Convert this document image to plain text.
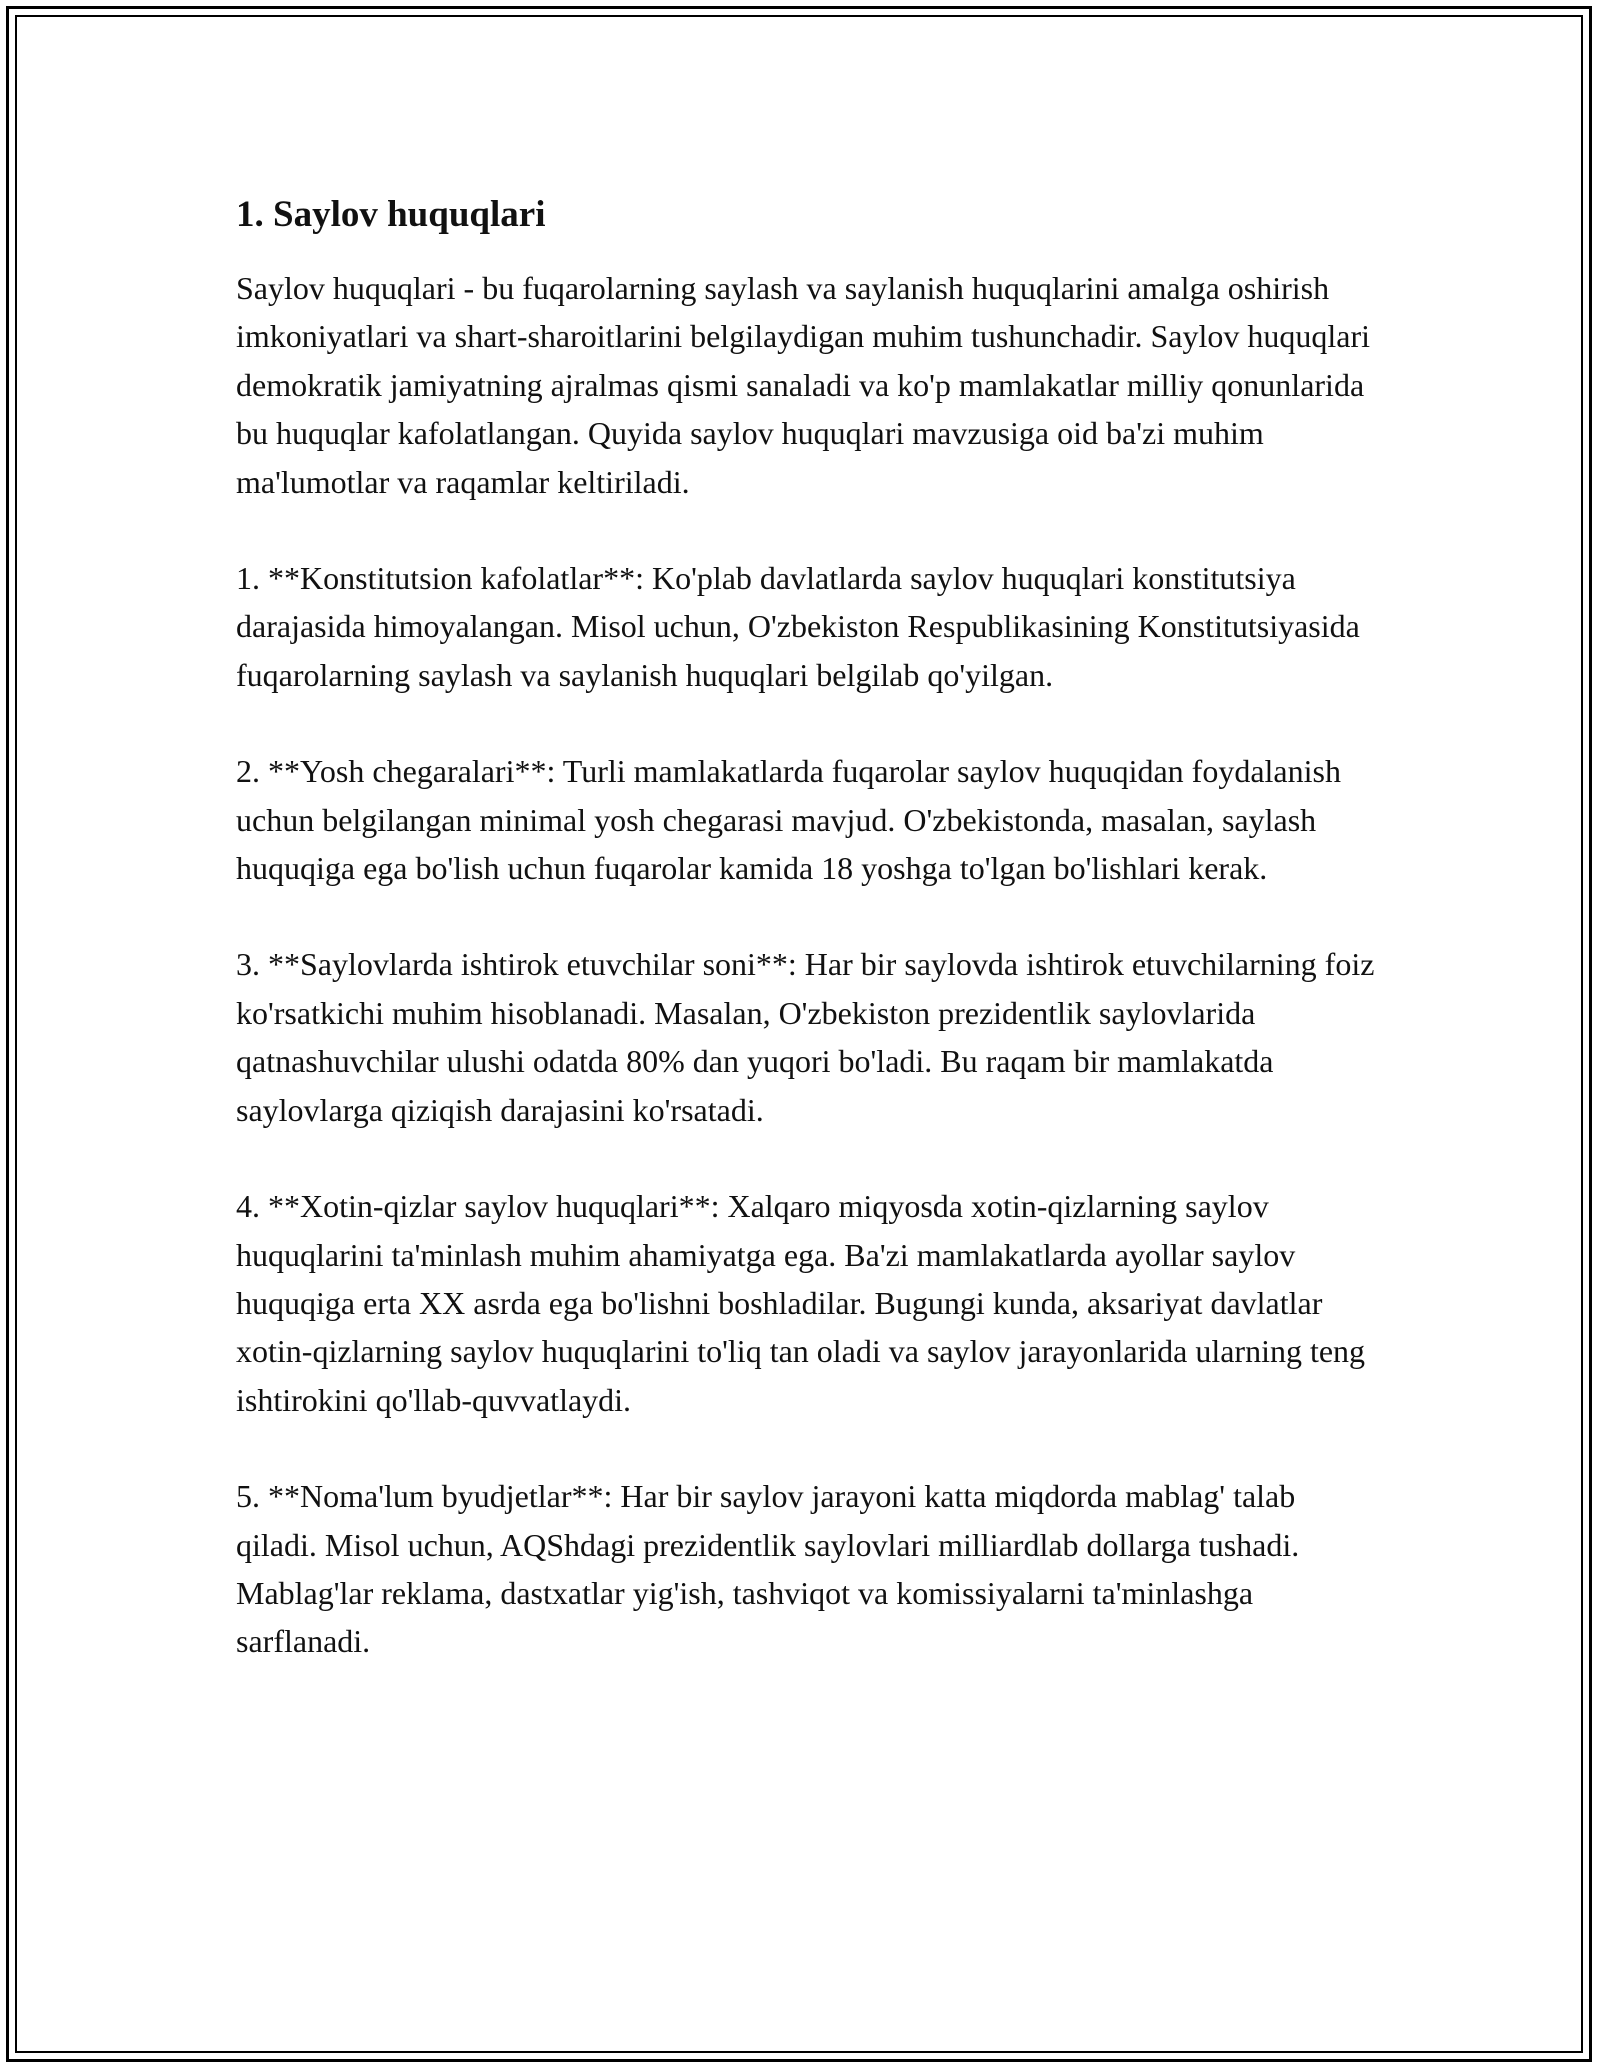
1. Saylov huquqlari

Saylov huquqlari - bu fuqarolarning saylash va saylanish huquqlarini amalga oshirish imkoniyatlari va shart-sharoitlarini belgilaydigan muhim tushunchadir. Saylov huquqlari demokratik jamiyatning ajralmas qismi sanaladi va ko'p mamlakatlar milliy qonunlarida bu huquqlar kafolatlangan. Quyida saylov huquqlari mavzusiga oid ba'zi muhim ma'lumotlar va raqamlar keltiriladi.

1. **Konstitutsion kafolatlar**: Ko'plab davlatlarda saylov huquqlari konstitutsiya darajasida himoyalangan. Misol uchun, O'zbekiston Respublikasining Konstitutsiyasida fuqarolarning saylash va saylanish huquqlari belgilab qo'yilgan.

2. **Yosh chegaralari**: Turli mamlakatlarda fuqarolar saylov huquqidan foydalanish uchun belgilangan minimal yosh chegarasi mavjud. O'zbekistonda, masalan, saylash huquqiga ega bo'lish uchun fuqarolar kamida 18 yoshga to'lgan bo'lishlari kerak.

3. **Saylovlarda ishtirok etuvchilar soni**: Har bir saylovda ishtirok etuvchilarning foiz ko'rsatkichi muhim hisoblanadi. Masalan, O'zbekiston prezidentlik saylovlarida qatnashuvchilar ulushi odatda 80% dan yuqori bo'ladi. Bu raqam bir mamlakatda saylovlarga qiziqish darajasini ko'rsatadi.

4. **Xotin-qizlar saylov huquqlari**: Xalqaro miqyosda xotin-qizlarning saylov huquqlarini ta'minlash muhim ahamiyatga ega. Ba'zi mamlakatlarda ayollar saylov huquqiga erta XX asrda ega bo'lishni boshladilar. Bugungi kunda, aksariyat davlatlar xotin-qizlarning saylov huquqlarini to'liq tan oladi va saylov jarayonlarida ularning teng ishtirokini qo'llab-quvvatlaydi.

5. **Noma'lum byudjetlar**: Har bir saylov jarayoni katta miqdorda mablag' talab qiladi. Misol uchun, AQShdagi prezidentlik saylovlari milliardlab dollarga tushadi. Mablag'lar reklama, dastxatlar yig'ish, tashviqot va komissiyalarni ta'minlashga sarflanadi.
